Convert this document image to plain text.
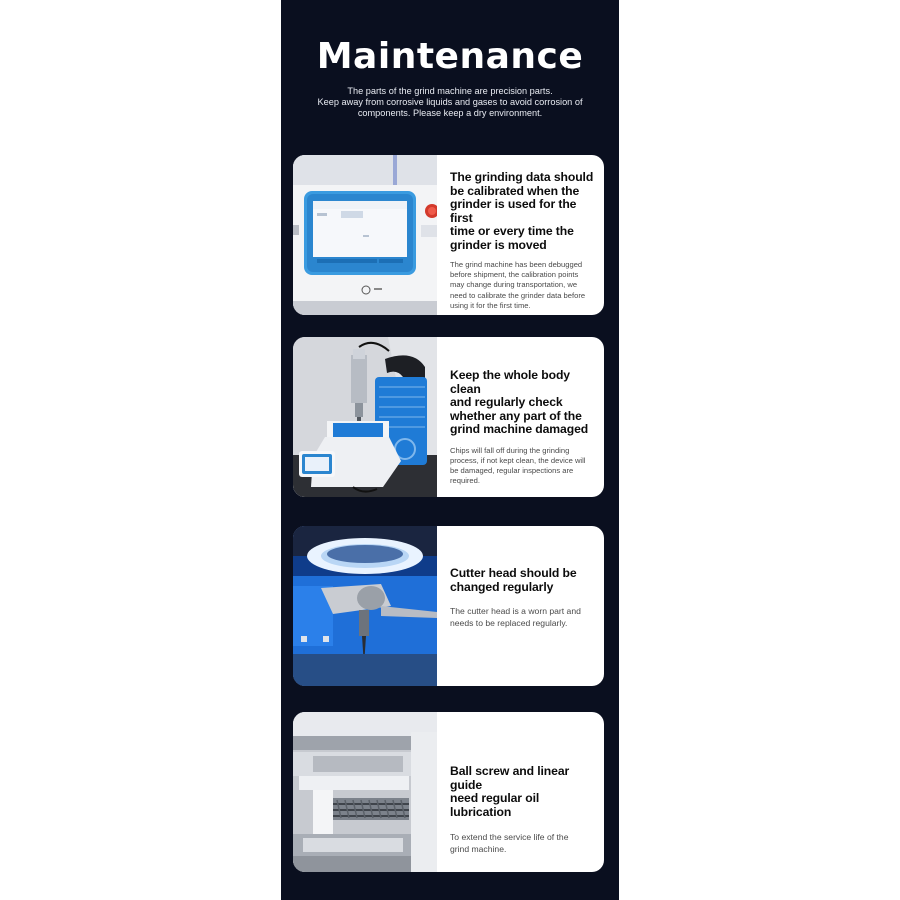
Maintenance
The parts of the grind machine are precision parts.
Keep away from corrosive liquids and gases to avoid corrosion of
components. Please keep a dry environment.
The grinding data should
be calibrated when the
grinder is used for the first
time or every time the
grinder is moved

The grind machine has been debugged
before shipment, the calibration points
may change during transportation, we
need to calibrate the grinder data before
using it for the first time.

Keep the whole body clean
and regularly check
whether any part of the
grind machine damaged

Chips will fall off during the grinding
process, if not kept clean, the device will
be damaged, regular inspections are
required.

Cutter head should be
changed regularly

The cutter head is a worn part and
needs to be replaced regularly.

Ball screw and linear guide
need regular oil lubrication

To extend the service life of the
grind machine.
